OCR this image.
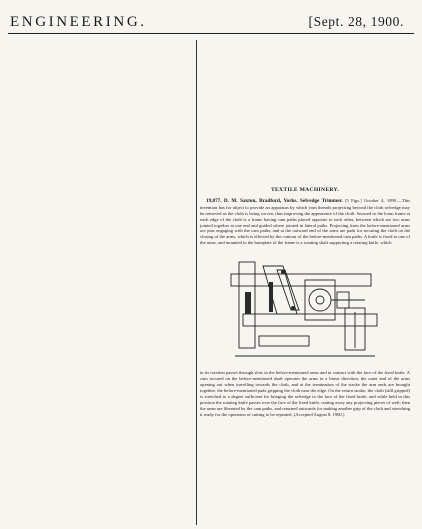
ENGINEERING.	[Sept. 28, 1900.
TEXTILE MACHINERY.

19,877. D. M. Saxton, Bradford, Yorks. Selvedge Trimmer. [5 Figs.] October 4, 1899.—This invention has for object to provide an apparatus by which yarn threads projecting beyond the cloth selvedge may be removed as the cloth is being woven, thus improving the appearance of the cloth. Secured to the loom frame at each edge of the cloth is a frame having cam paths placed opposite to each other, between which are two arms jointed together at one end and guided where jointed in lateral paths. Projecting from the before-mentioned arms are pins engaging with the cam paths, and at the outward end of the arms are pads for securing the cloth on the closing of the arms, which is effected by the contour of the before-mentioned cam paths. A knife is fixed to one of the arms, and mounted to the baseplate of the frame is a rotating shaft supporting a rotating knife, which

in its rotation passes through slots in the before-mentioned arms and in contact with the face of the fixed knife. A cam secured on the before-mentioned shaft operates the arms in a linear direction, the outer end of the arms opening out when travelling towards the cloth, and at the termination of the stroke the arm ends are brought together, the before-mentioned pads gripping the cloth near the edge. On the return stroke, the cloth (still gripped) is stretched to a degree sufficient for bringing the selvedge to the face of the fixed knife, and while held in this position the rotating knife passes over the face of the fixed knife, cutting away any projecting pieces of weft; then the arms are liberated by the cam paths, and returned outwards for making another grip of the cloth and stretching it ready for the operation of cutting to be repeated. (Accepted August 8, 1900.)
